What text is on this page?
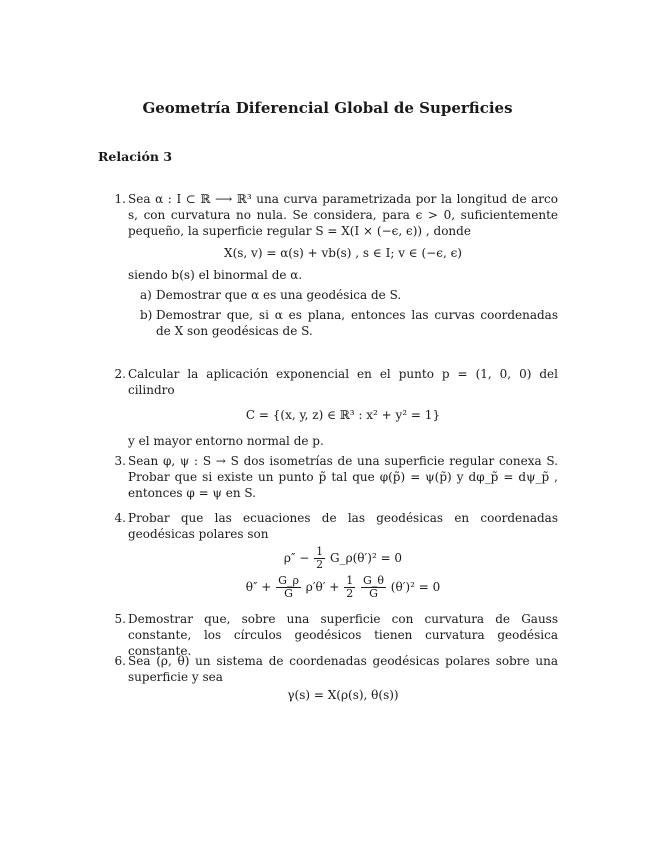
Geometría Diferencial Global de Superficies
Relación 3
1. Sea α : I ⊂ ℝ ⟶ ℝ³ una curva parametrizada por la longitud de arco s, con curvatura no nula. Se considera, para ϵ > 0, suficientemente pequeño, la superficie regular S = X(I × (−ϵ, ϵ)) , donde
X(s, v) = α(s) + vb(s) , s ∈ I; v ∈ (−ϵ, ϵ)
siendo b(s) el binormal de α.
a) Demostrar que α es una geodésica de S.
b) Demostrar que, si α es plana, entonces las curvas coordenadas de X son geodésicas de S.
2. Calcular la aplicación exponencial en el punto p = (1, 0, 0) del cilindro
C = {(x, y, z) ∈ ℝ³ : x² + y² = 1}
y el mayor entorno normal de p.
3. Sean φ, ψ : S → S dos isometrías de una superficie regular conexa S. Probar que si existe un punto p̃ tal que φ(p̃) = ψ(p̃) y dφ_p̃ = dψ_p̃ , entonces φ = ψ en S.
4. Probar que las ecuaciones de las geodésicas en coordenadas geodésicas polares son
$\rho'' - \frac{1}{2}$ G_ρ(θ′)² = 0
$\theta'' + \frac{G\_\rho}{G} \rho'\theta' + \frac{1}{2}$
$\frac{G\_\theta}{G} (\theta')^2 = 0$
5. Demostrar que, sobre una superficie con curvatura de Gauss constante, los círculos geodésicos tienen curvatura geodésica constante.
6. Sea (ρ, θ) un sistema de coordenadas geodésicas polares sobre una superficie y sea
γ(s) = X(ρ(s), θ(s))
